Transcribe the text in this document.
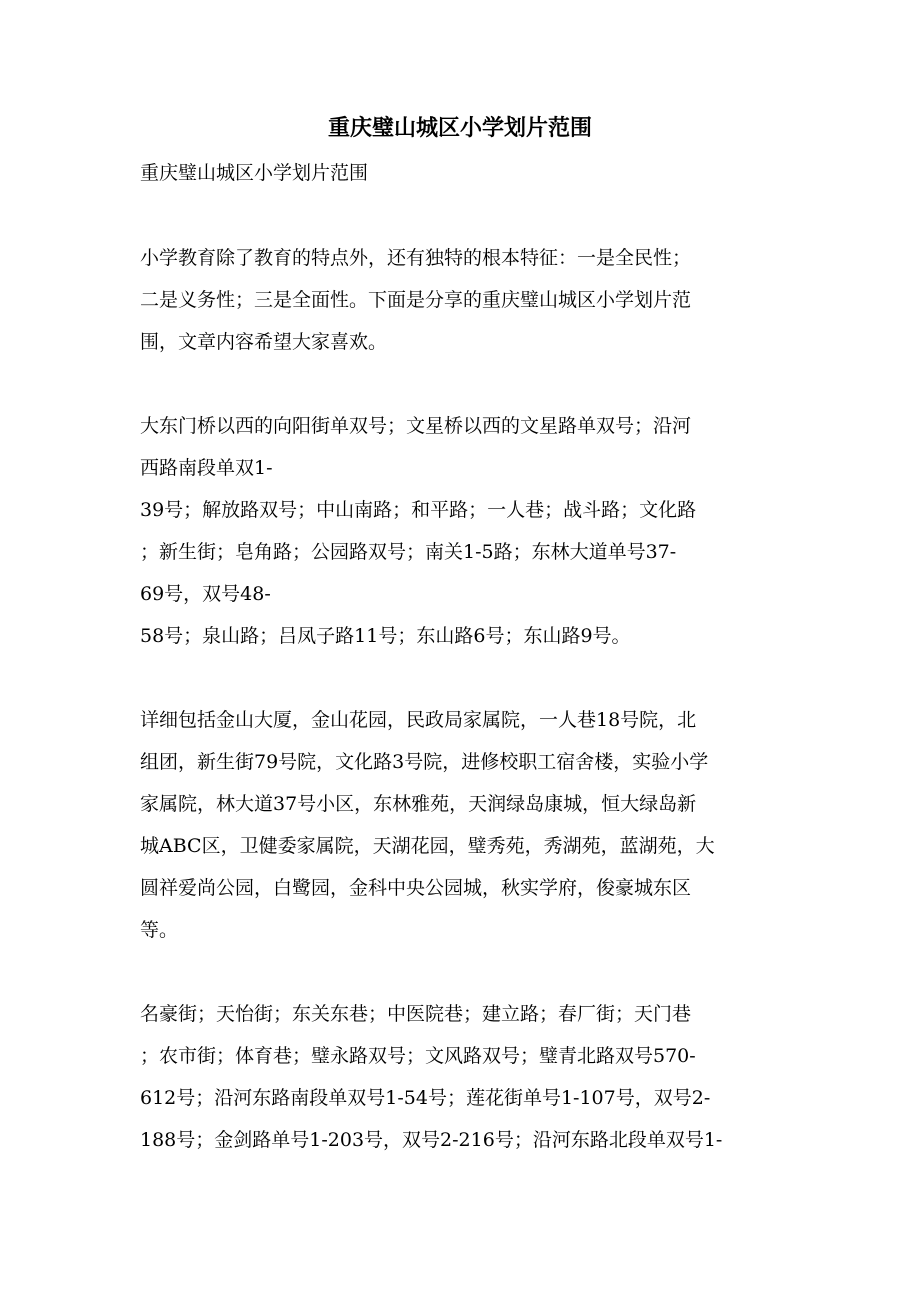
重庆璧山城区小学划片范围

重庆璧山城区小学划片范围

小学教育除了教育的特点外，还有独特的根本特征：一是全民性；
二是义务性；三是全面性。下面是分享的重庆璧山城区小学划片范
围，文章内容希望大家喜欢。
大东门桥以西的向阳街单双号；文星桥以西的文星路单双号；沿河
西路南段单双1-
39号；解放路双号；中山南路；和平路；一人巷；战斗路；文化路
；新生街；皂角路；公园路双号；南关1-5路；东林大道单号37-
69号，双号48-
58号；泉山路；吕凤子路11号；东山路6号；东山路9号。
详细包括金山大厦，金山花园，民政局家属院，一人巷18号院，北
组团，新生街79号院，文化路3号院，进修校职工宿舍楼，实验小学
家属院，林大道37号小区，东林雅苑，天润绿岛康城，恒大绿岛新
城ABC区，卫健委家属院，天湖花园，璧秀苑，秀湖苑，蓝湖苑，大
圆祥爱尚公园，白鹭园，金科中央公园城，秋实学府，俊豪城东区
等。
名豪街；天怡街；东关东巷；中医院巷；建立路；春厂街；天门巷
；农市街；体育巷；璧永路双号；文风路双号；璧青北路双号570-
612号；沿河东路南段单双号1-54号；莲花街单号1-107号，双号2-
188号；金剑路单号1-203号，双号2-216号；沿河东路北段单双号1-
